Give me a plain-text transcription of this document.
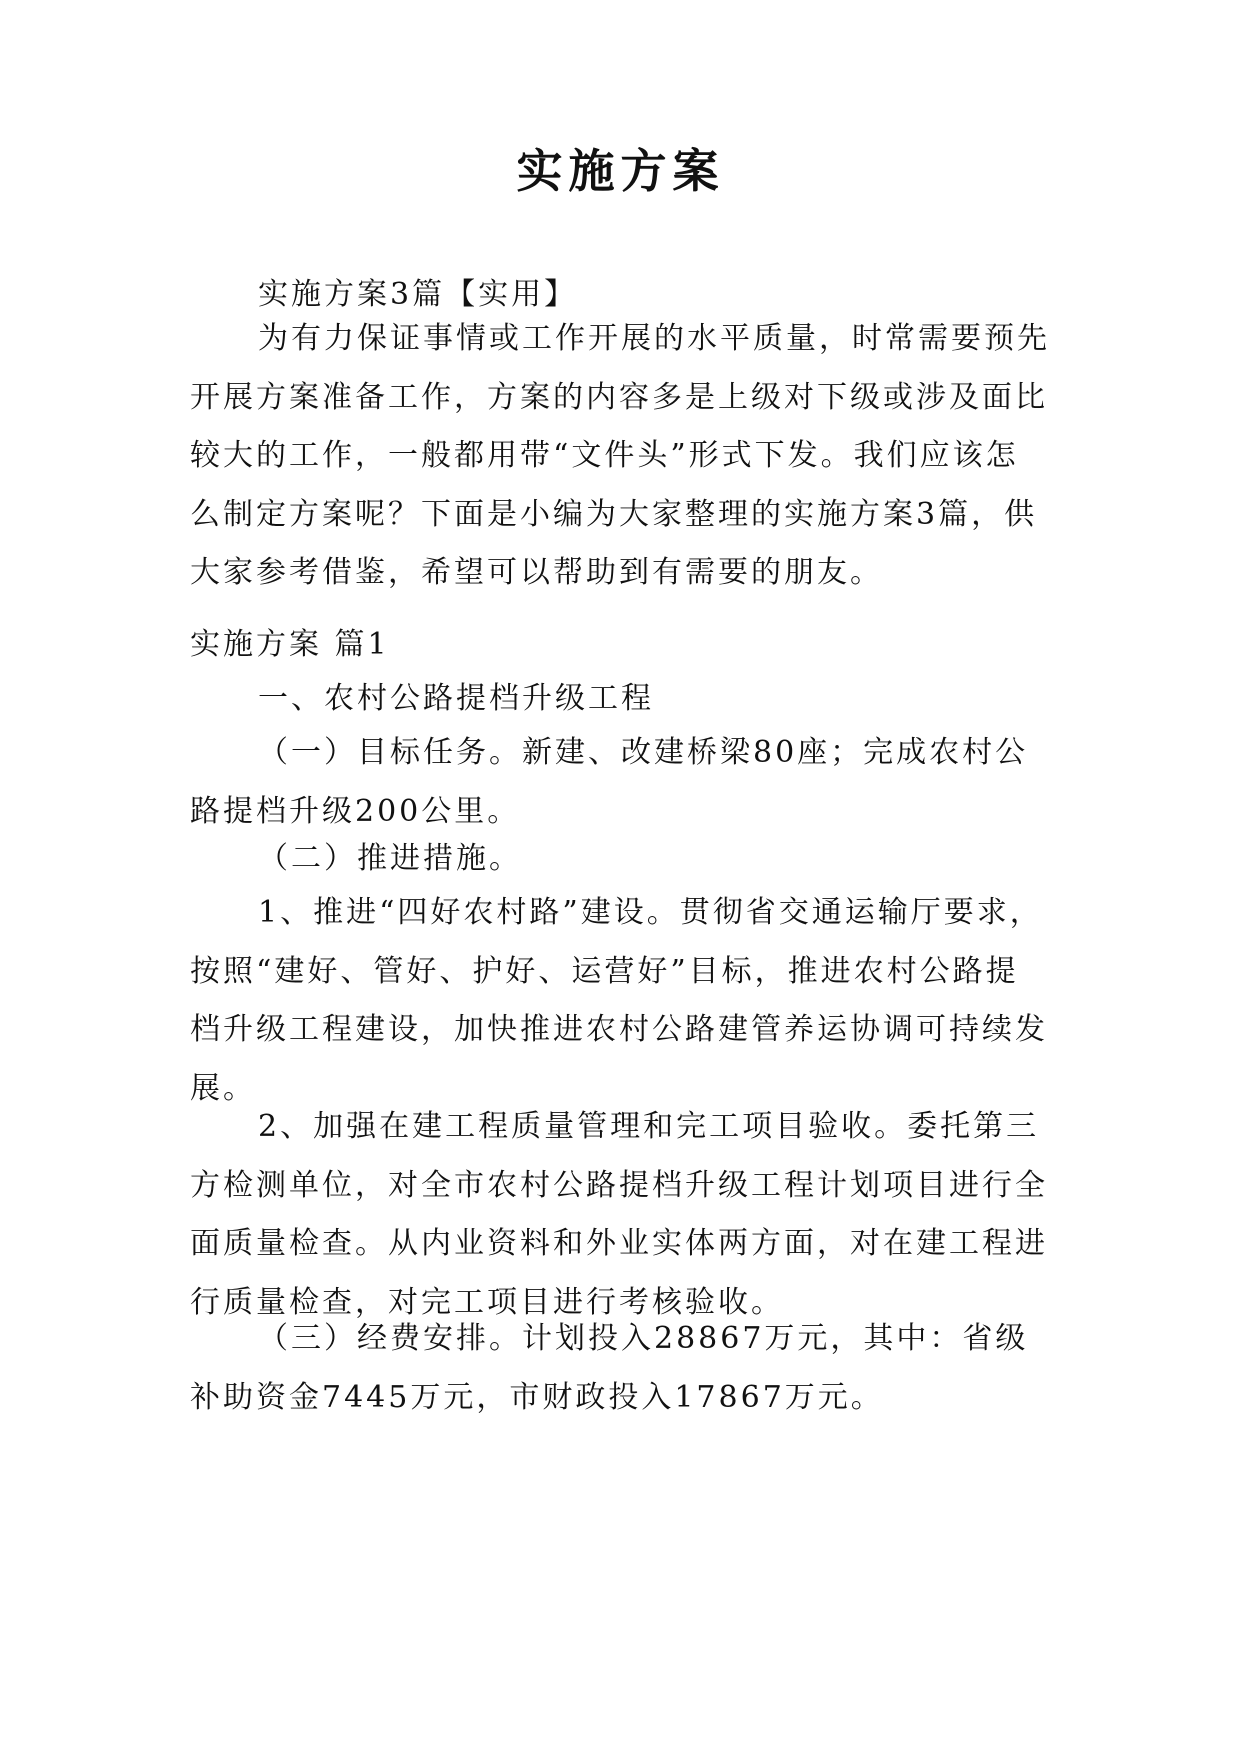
实施方案

实施方案3篇【实用】

为有力保证事情或工作开展的水平质量，时常需要预先开展方案准备工作，方案的内容多是上级对下级或涉及面比较大的工作，一般都用带“文件头”形式下发。我们应该怎么制定方案呢？下面是小编为大家整理的实施方案3篇，供大家参考借鉴，希望可以帮助到有需要的朋友。

实施方案 篇1

一、农村公路提档升级工程

（一）目标任务。新建、改建桥梁80座；完成农村公路提档升级200公里。

（二）推进措施。

1、推进“四好农村路”建设。贯彻省交通运输厅要求，按照“建好、管好、护好、运营好”目标，推进农村公路提档升级工程建设，加快推进农村公路建管养运协调可持续发展。

2、加强在建工程质量管理和完工项目验收。委托第三方检测单位，对全市农村公路提档升级工程计划项目进行全面质量检查。从内业资料和外业实体两方面，对在建工程进行质量检查，对完工项目进行考核验收。

（三）经费安排。计划投入28867万元，其中：省级补助资金7445万元，市财政投入17867万元。
